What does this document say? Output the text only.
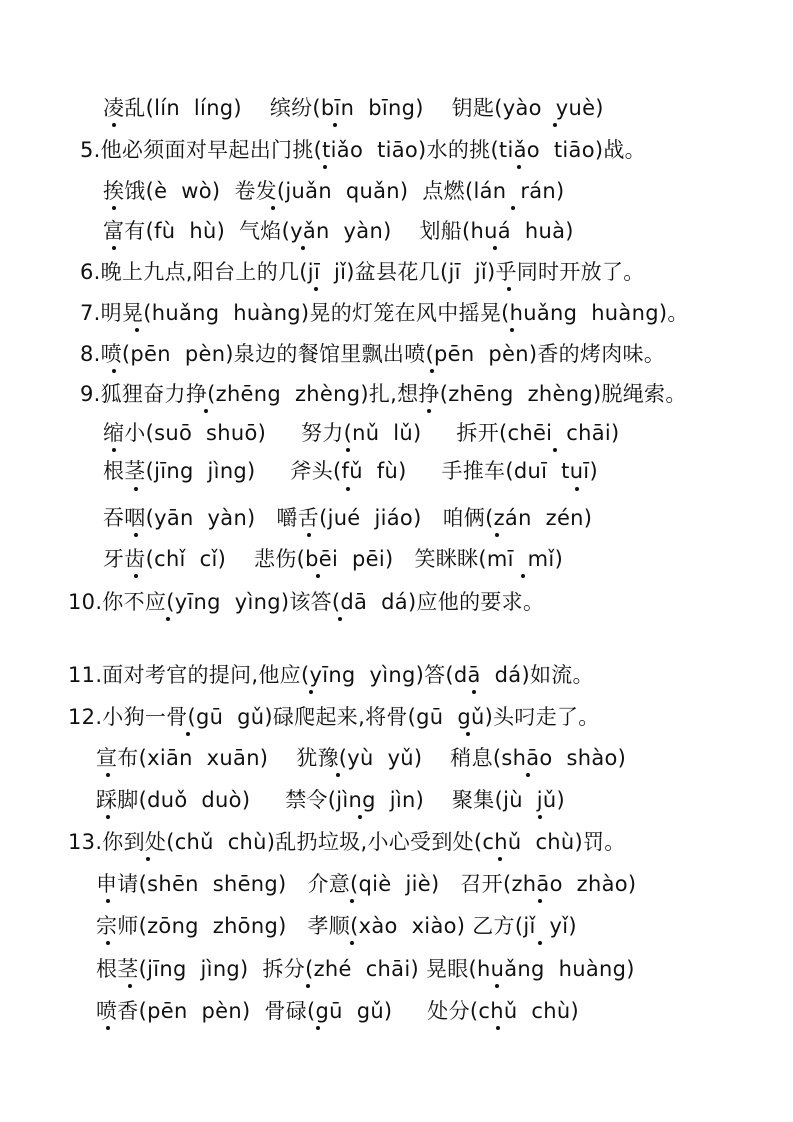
凌乱(lín  líng)    缤纷(bīn  bīng)    钥匙(yào  yuè)
5.他必须面对早起出门挑(tiǎo  tiāo)水的挑(tiǎo  tiāo)战。
挨饿(è  wò)  卷发(juǎn  quǎn)  点燃(lán  rán)
富有(fù  hù)  气焰(yǎn  yàn)    划船(huá  huà)
6.晚上九点,阳台上的几(jī  jǐ)盆县花几(jī  jǐ)乎同时开放了。
7.明晃(huǎng  huàng)晃的灯笼在风中摇晃(huǎng  huàng)。
8.喷(pēn  pèn)泉边的餐馆里飘出喷(pēn  pèn)香的烤肉味。
9.狐狸奋力挣(zhēng  zhèng)扎,想挣(zhēng  zhèng)脱绳索。
缩小(suō  shuō)     努力(nǔ  lǔ)     拆开(chēi  chāi)
根茎(jīng  jìng)     斧头(fǔ  fù)     手推车(duī  tuī)
吞咽(yān  yàn)   嚼舌(jué  jiáo)   咱俩(zán  zén)
牙齿(chǐ  cǐ)    悲伤(bēi  pēi)   笑眯眯(mī  mǐ)
10.你不应(yīng  yìng)该答(dā  dá)应他的要求。
11.面对考官的提问,他应(yīng  yìng)答(dā  dá)如流。
12.小狗一骨(gū  gǔ)碌爬起来,将骨(gū  gǔ)头叼走了。
宣布(xiān  xuān)    犹豫(yù  yǔ)    稍息(shāo  shào)
踩脚(duǒ  duò)     禁令(jìng  jìn)    聚集(jù  jǔ)
13.你到处(chǔ  chù)乱扔垃圾,小心受到处(chǔ  chù)罚。
申请(shēn  shēng)   介意(qiè  jiè)   召开(zhāo  zhào)
宗师(zōng  zhōng)   孝顺(xào  xiào) 乙方(jǐ  yǐ)
根茎(jīng  jìng)  拆分(zhé  chāi) 晃眼(huǎng  huàng)
喷香(pēn  pèn)  骨碌(gū  gǔ)     处分(chǔ  chù)
